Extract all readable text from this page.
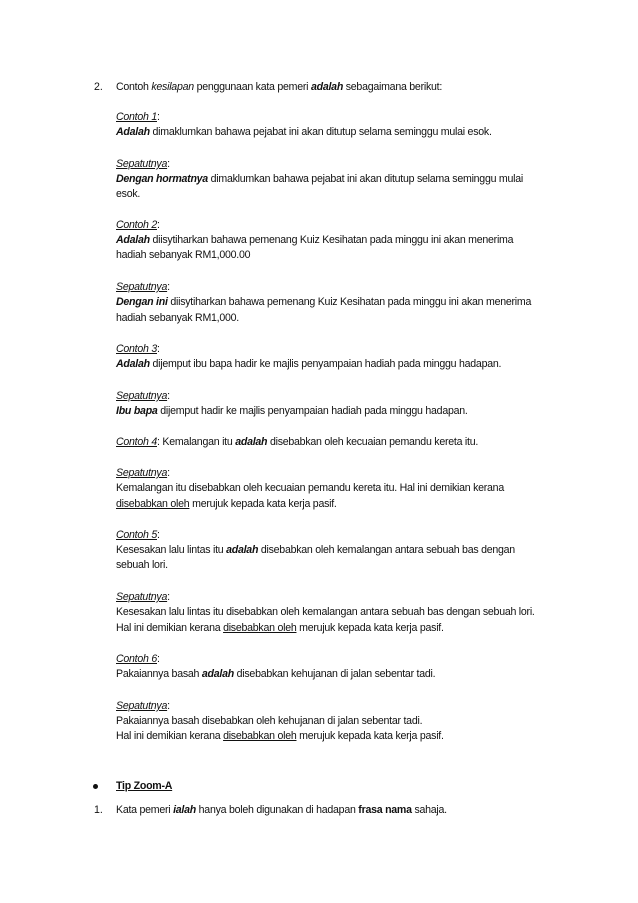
2. Contoh kesilapan penggunaan kata pemeri adalah sebagaimana berikut:
Contoh 1:
Adalah dimaklumkan bahawa pejabat ini akan ditutup selama seminggu mulai esok.
Sepatutnya:
Dengan hormatnya dimaklumkan bahawa pejabat ini akan ditutup selama seminggu mulai
esok.
Contoh 2:
Adalah diisytiharkan bahawa pemenang Kuiz Kesihatan pada minggu ini akan menerima
hadiah sebanyak RM1,000.00
Sepatutnya:
Dengan ini diisytiharkan bahawa pemenang Kuiz Kesihatan pada minggu ini akan menerima
hadiah sebanyak RM1,000.
Contoh 3:
Adalah dijemput ibu bapa hadir ke majlis penyampaian hadiah pada minggu hadapan.
Sepatutnya:
Ibu bapa dijemput hadir ke majlis penyampaian hadiah pada minggu hadapan.
Contoh 4: Kemalangan itu adalah disebabkan oleh kecuaian pemandu kereta itu.
Sepatutnya:
Kemalangan itu disebabkan oleh kecuaian pemandu kereta itu. Hal ini demikian kerana
disebabkan oleh merujuk kepada kata kerja pasif.
Contoh 5:
Kesesakan lalu lintas itu adalah disebabkan oleh kemalangan antara sebuah bas dengan
sebuah lori.
Sepatutnya:
Kesesakan lalu lintas itu disebabkan oleh kemalangan antara sebuah bas dengan sebuah lori.
Hal ini demikian kerana disebabkan oleh merujuk kepada kata kerja pasif.
Contoh 6:
Pakaiannya basah adalah disebabkan kehujanan di jalan sebentar tadi.
Sepatutnya:
Pakaiannya basah disebabkan oleh kehujanan di jalan sebentar tadi.
Hal ini demikian kerana disebabkan oleh merujuk kepada kata kerja pasif.
Tip Zoom-A
1. Kata pemeri ialah hanya boleh digunakan di hadapan frasa nama sahaja.
